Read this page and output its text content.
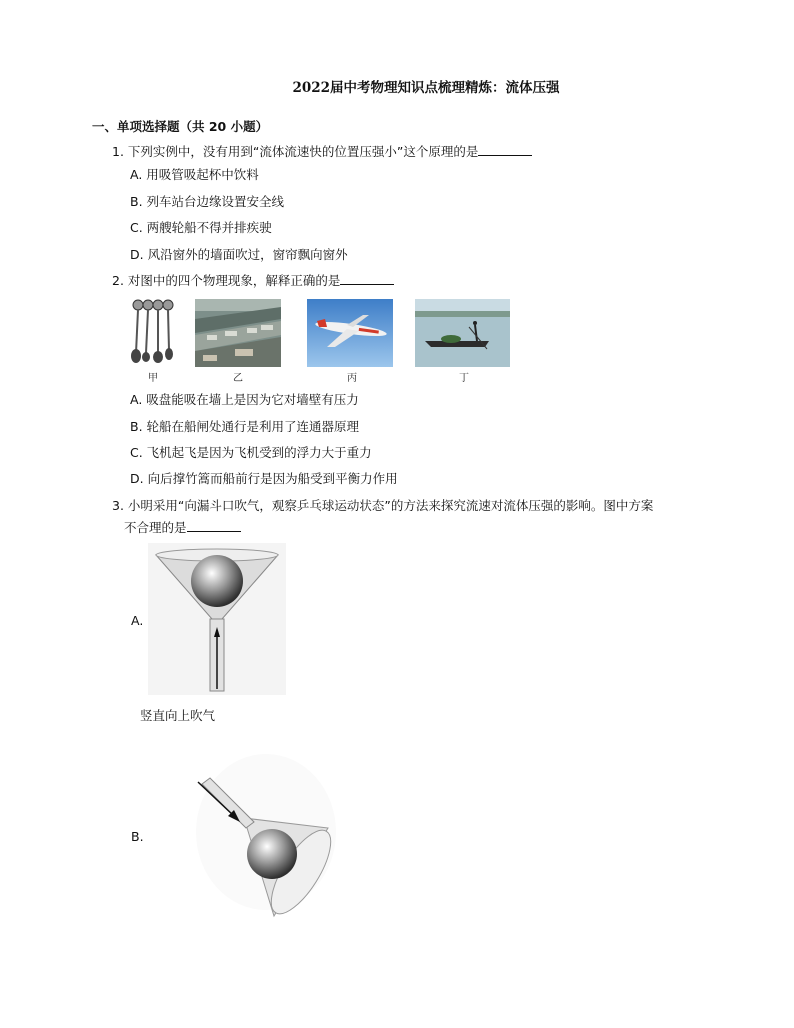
2022届中考物理知识点梳理精炼：流体压强
一、单项选择题（共 20 小题）
1. 下列实例中，没有用到“流体流速快的位置压强小”这个原理的是
A. 用吸管吸起杯中饮料
B. 列车站台边缘设置安全线
C. 两艘轮船不得并排疾驶
D. 风沿窗外的墙面吹过，窗帘飘向窗外
2. 对图中的四个物理现象，解释正确的是
甲	乙	丙	丁
A. 吸盘能吸在墙上是因为它对墙壁有压力
B. 轮船在船闸处通行是利用了连通器原理
C. 飞机起飞是因为飞机受到的浮力大于重力
D. 向后撑竹篙而船前行是因为船受到平衡力作用
3. 小明采用“向漏斗口吹气，观察乒乓球运动状态”的方法来探究流速对流体压强的影响。图中方案
不合理的是
A.
竖直向上吹气
B.
